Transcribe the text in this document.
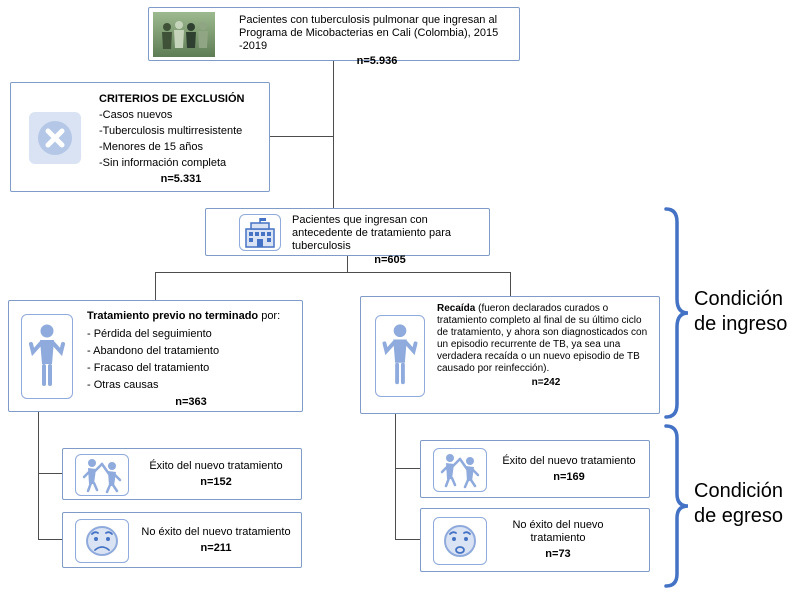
Pacientes con tuberculosis pulmonar que ingresan al Programa de Micobacterias en Cali (Colombia), 2015 -2019
n=5.936
CRITERIOS DE EXCLUSIÓN
-Casos nuevos
-Tuberculosis multirresistente
-Menores de 15 años
-Sin información completa
n=5.331
Pacientes que ingresan con antecedente de tratamiento para tuberculosis
n=605
Tratamiento previo no terminado por:
- Pérdida del seguimiento
- Abandono del tratamiento
- Fracaso del tratamiento
- Otras causas
n=363
Recaída (fueron declarados curados o tratamiento completo al final de su último ciclo de tratamiento, y ahora son diagnosticados con un episodio recurrente de TB, ya sea una verdadera recaída o un nuevo episodio de TB causado por reinfección).
n=242
Éxito del nuevo tratamiento
n=152
No éxito del nuevo tratamiento
n=211
Éxito del nuevo tratamiento
n=169
No éxito del nuevo tratamiento
n=73
Condición de ingreso
Condición de egreso
